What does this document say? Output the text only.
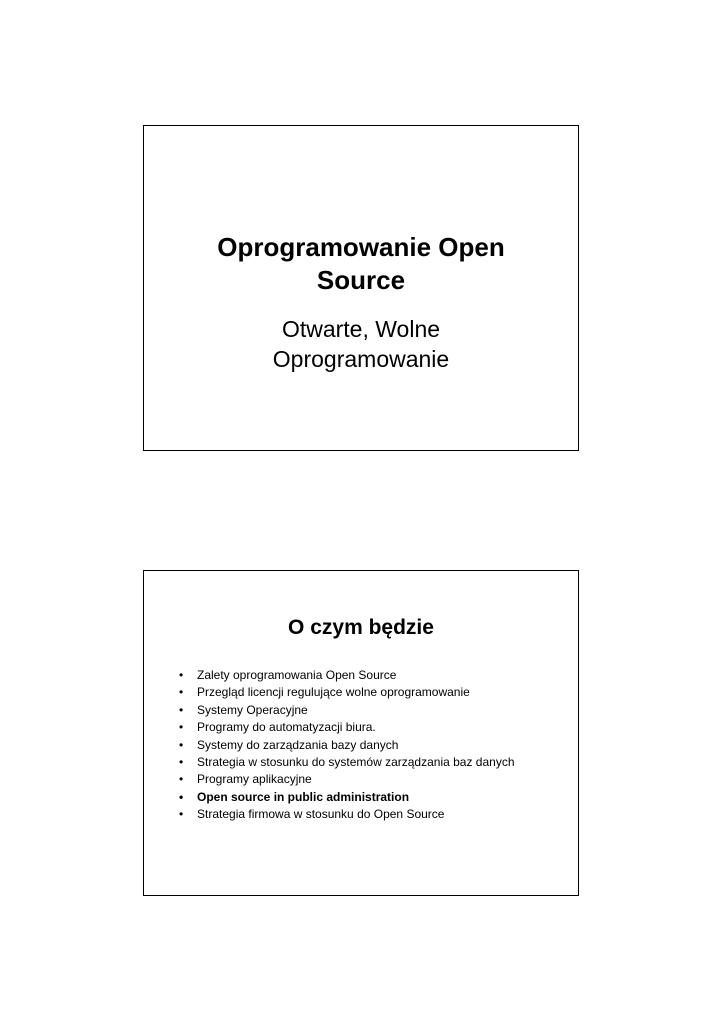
Oprogramowanie Open
Source
Otwarte, Wolne
Oprogramowanie
O czym będzie
• Zalety oprogramowania Open Source
• Przegląd licencji regulujące wolne oprogramowanie
• Systemy Operacyjne
• Programy do automatyzacji biura.
• Systemy do zarządzania bazy danych
• Strategia w stosunku do systemów zarządzania baz danych
• Programy aplikacyjne
• Open source in public administration
• Strategia firmowa w stosunku do Open Source
